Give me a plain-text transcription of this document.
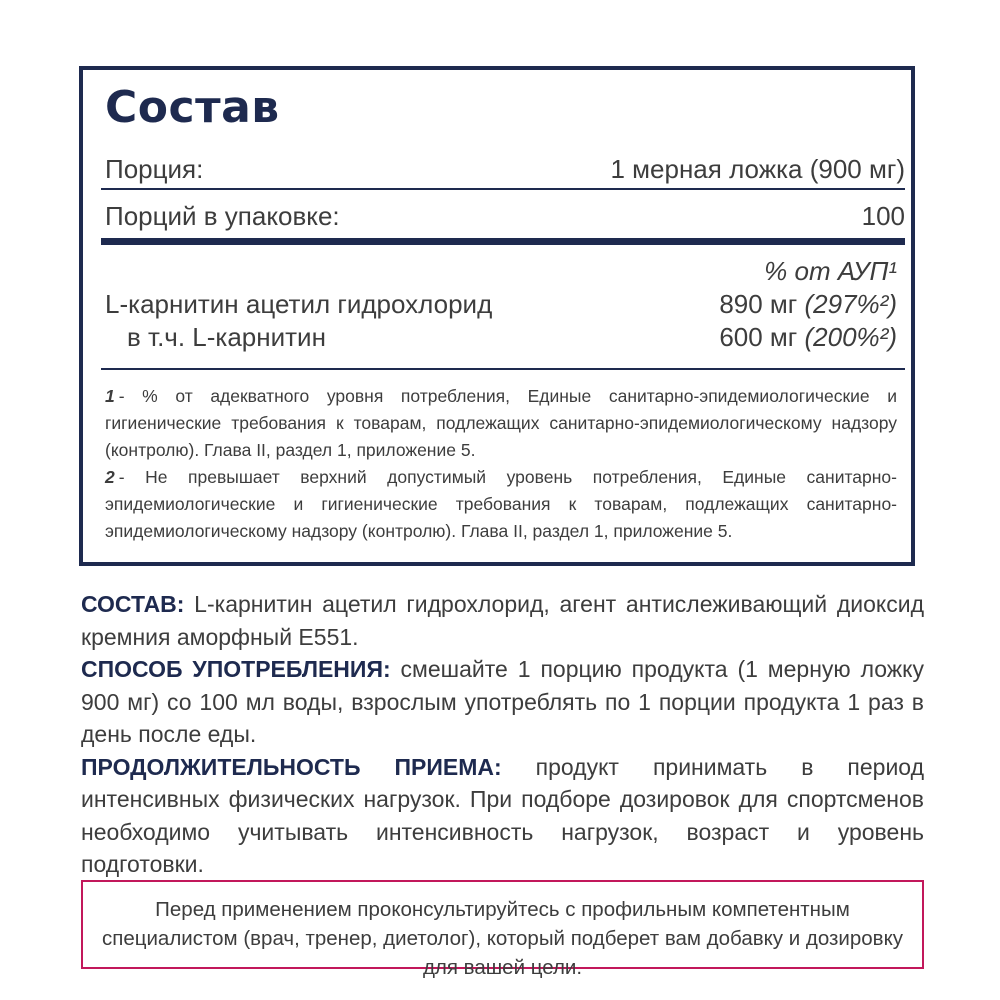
Состав
Порция:	1 мерная ложка (900 мг)
Порций в упаковке:	100
% от АУП¹
L-карнитин ацетил гидрохлорид	890 мг (297%²)
в т.ч. L-карнитин	600 мг (200%²)

1 - % от адекватного уровня потребления, Единые санитарно-эпидемиологические и гигиенические требования к товарам, подлежащих санитарно-эпидемиологическому надзору (контролю). Глава II, раздел 1, приложение 5.

2 - Не превышает верхний допустимый уровень потребления, Единые санитарно-эпидемиологические и гигиенические требования к товарам, подлежащих санитарно-эпидемиологическому надзору (контролю). Глава II, раздел 1, приложение 5.

СОСТАВ: L-карнитин ацетил гидрохлорид, агент антислеживающий диоксид кремния аморфный Е551.

СПОСОБ УПОТРЕБЛЕНИЯ: смешайте 1 порцию продукта (1 мерную ложку 900 мг) со 100 мл воды, взрослым употреблять по 1 порции продукта 1 раз в день после еды.

ПРОДОЛЖИТЕЛЬНОСТЬ ПРИЕМА: продукт принимать в период интенсивных физических нагрузок. При подборе дозировок для спортсменов необходимо учитывать интенсивность нагрузок, возраст и уровень подготовки.

Перед применением проконсультируйтесь с профильным компетентным специалистом (врач, тренер, диетолог), который подберет вам добавку и дозировку для вашей цели.
